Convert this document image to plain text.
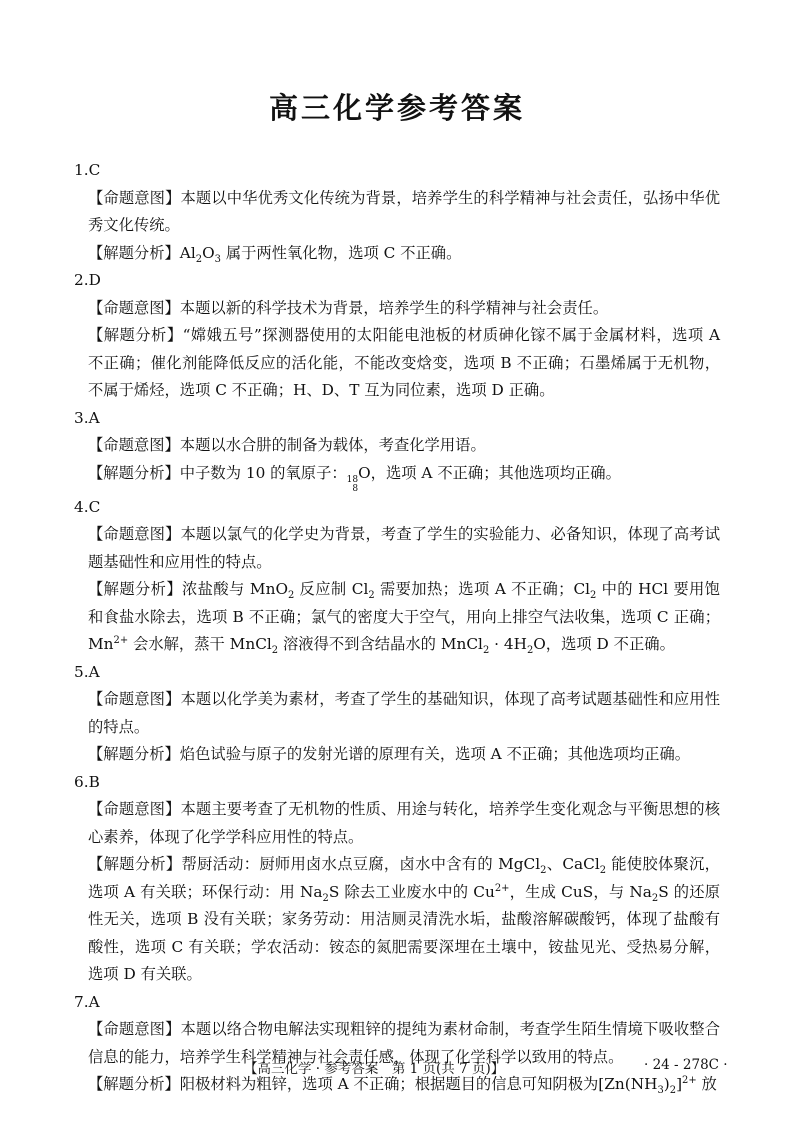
高三化学参考答案
1.C
【命题意图】本题以中华优秀文化传统为背景，培养学生的科学精神与社会责任，弘扬中华优秀文化传统。
【解题分析】$Al_2O_3$ 属于两性氧化物，选项 C 不正确。
2.D
【命题意图】本题以新的科学技术为背景，培养学生的科学精神与社会责任。
【解题分析】“嫦娥五号”探测器使用的太阳能电池板的材质砷化镓不属于金属材料，选项 A 不正确；催化剂能降低反应的活化能，不能改变焓变，选项 B 不正确；石墨烯属于无机物，不属于烯烃，选项 C 不正确；H、D、T 互为同位素，选项 D 正确。
3.A
【命题意图】本题以水合肼的制备为载体，考查化学用语。
【解题分析】中子数为 10 的氧原子： 18
8
O，选项 A 不正确；其他选项均正确。
4.C
【命题意图】本题以氯气的化学史为背景，考查了学生的实验能力、必备知识，体现了高考试题基础性和应用性的特点。
【解题分析】浓盐酸与 MnO$_2$ 反应制 $Cl_2$ 需要加热；选项 A 不正确；$Cl_2$ 中的 HCl 要用饱和食盐水除去，选项 B 不正确；氯气的密度大于空气，用向上排空气法收集，选项 C 正确；$Mn^{2+}$ 会水解，蒸干 MnCl$_2$ 溶液得不到含结晶水的 MnCl$_2$ · $4H_2O$，选项 D 不正确。
5.A
【命题意图】本题以化学美为素材，考查了学生的基础知识，体现了高考试题基础性和应用性的特点。
【解题分析】焰色试验与原子的发射光谱的原理有关，选项 A 不正确；其他选项均正确。
6.B
【命题意图】本题主要考查了无机物的性质、用途与转化，培养学生变化观念与平衡思想的核心素养，体现了化学学科应用性的特点。
【解题分析】帮厨活动：厨师用卤水点豆腐，卤水中含有的 MgCl$_2$、CaCl$_2$ 能使胶体聚沉，选项 A 有关联；环保行动：用 $Na_2S$ 除去工业废水中的 $Cu^{2+}$，生成 CuS，与 $Na_2S$ 的还原性无关，选项 B 没有关联；家务劳动：用洁厕灵清洗水垢，盐酸溶解碳酸钙，体现了盐酸有酸性，选项 C 有关联；学农活动：铵态的氮肥需要深埋在土壤中，铵盐见光、受热易分解，选项 D 有关联。
7.A
【命题意图】本题以络合物电解法实现粗锌的提纯为素材命制，考查学生陌生情境下吸收整合信息的能力，培养学生科学精神与社会责任感，体现了化学科学以致用的特点。
【解题分析】阳极材料为粗锌，选项 A 不正确；根据题目的信息可知阴极为$[Zn(NH_3)_2]^{2+}$ 放
【高三化学 · 参考答案　第 1 页(共 7 页)】	· 24 - 278C ·
